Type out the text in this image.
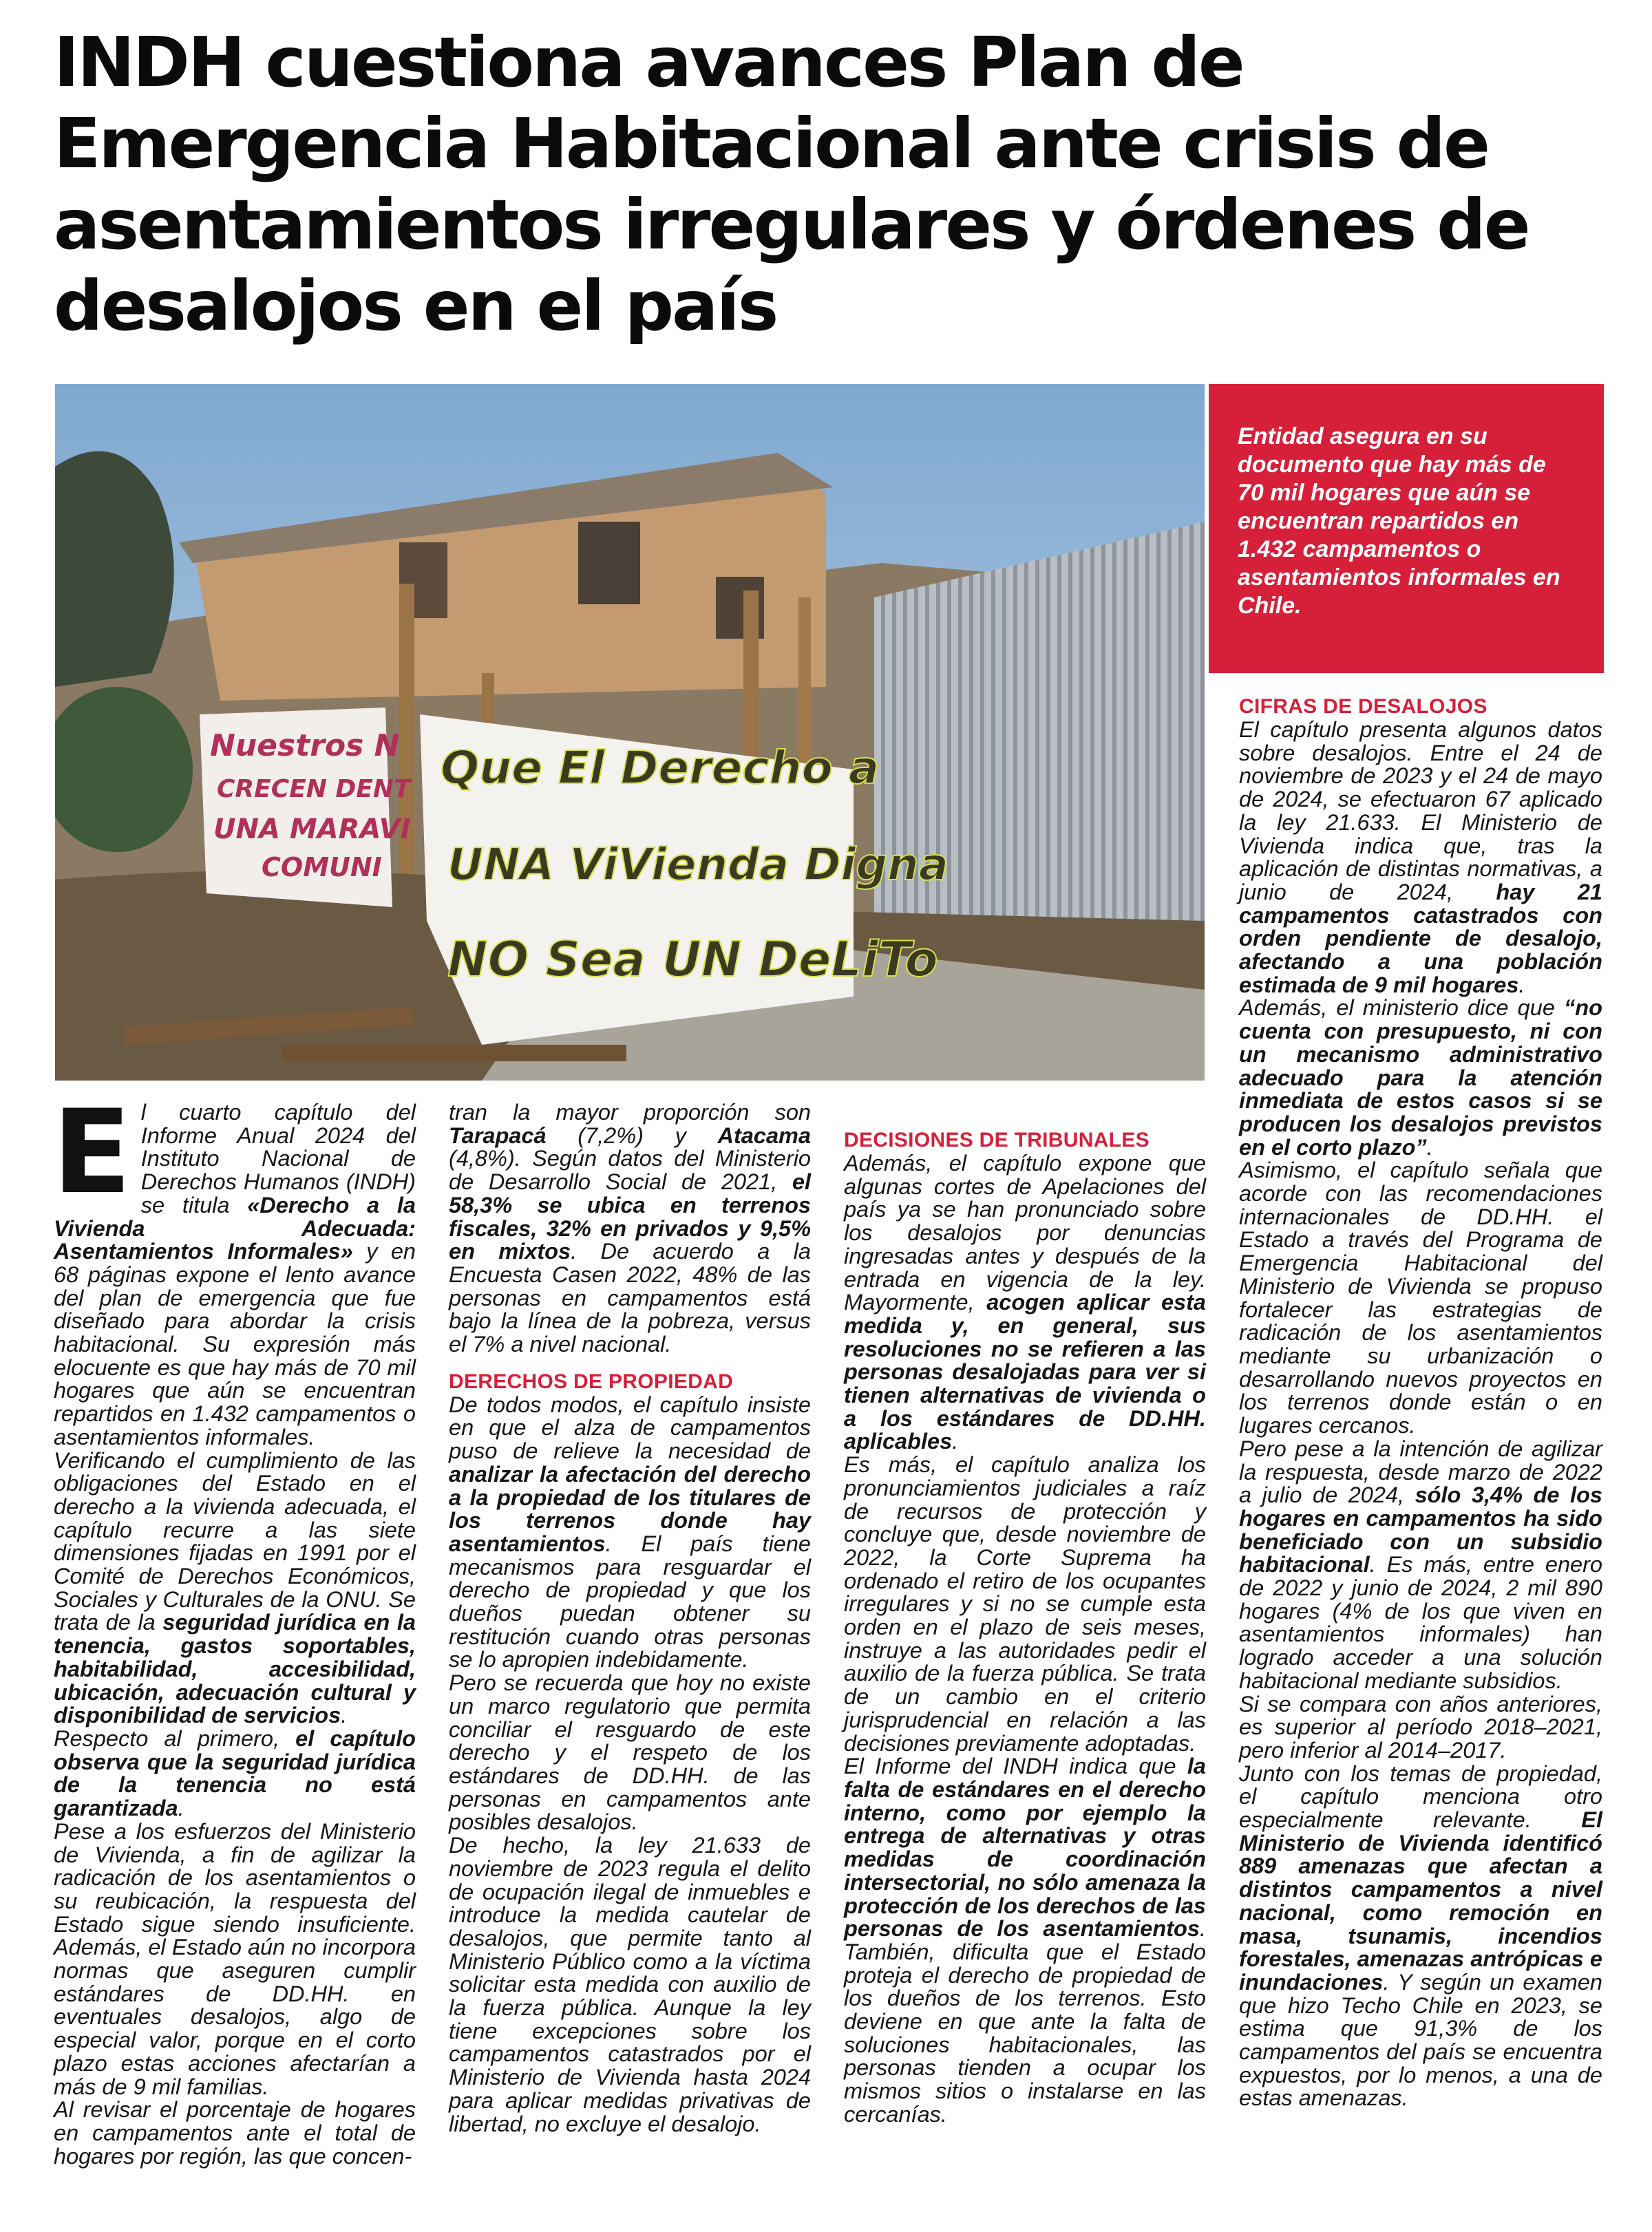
INDH cuestiona avances Plan de Emergencia Habitacional ante crisis de asentamientos irregulares y órdenes de desalojos en el país
Nuestros N
CRECEN DENT
UNA MARAVI
COMUNI
Que El Derecho a
UNA ViVienda Digna
NO Sea UN DeLiTo
Entidad asegura en su documento que hay más de 70 mil hogares que aún se encuentran repartidos en 1.432 campamentos o asentamientos informales en Chile.
E l cuarto capítulo del Informe Anual 2024 del Instituto Nacional de Derechos Humanos (INDH) se titula «Derecho a la Vivienda Adecuada: Asentamientos Informales» y en 68 páginas expone el lento avance del plan de emergencia que fue diseñado para abordar la crisis habitacional. Su expresión más elocuente es que hay más de 70 mil hogares que aún se encuentran repartidos en 1.432 campamentos o asentamientos informales.

Verificando el cumplimiento de las obligaciones del Estado en el derecho a la vivienda adecuada, el capítulo recurre a las siete dimensiones fijadas en 1991 por el Comité de Derechos Económicos, Sociales y Culturales de la ONU. Se trata de la seguridad jurídica en la tenencia, gastos soportables, habitabilidad, accesibilidad, ubicación, adecuación cultural y disponibilidad de servicios.

Respecto al primero, el capítulo observa que la seguridad jurídica de la tenencia no está garantizada.

Pese a los esfuerzos del Ministerio de Vivienda, a fin de agilizar la radicación de los asentamientos o su reubicación, la respuesta del Estado sigue siendo insuficiente. Además, el Estado aún no incorpora normas que aseguren cumplir estándares de DD.HH. en eventuales desalojos, algo de especial valor, porque en el corto plazo estas acciones afectarían a más de 9 mil familias.

Al revisar el porcentaje de hogares en campamentos ante el total de hogares por región, las que concen-

tran la mayor proporción son Tarapacá (7,2%) y Atacama (4,8%). Según datos del Ministerio de Desarrollo Social de 2021, el 58,3% se ubica en terrenos fiscales, 32% en privados y 9,5% en mixtos. De acuerdo a la Encuesta Casen 2022, 48% de las personas en campamentos está bajo la línea de la pobreza, versus el 7% a nivel nacional.

DERECHOS DE PROPIEDAD

De todos modos, el capítulo insiste en que el alza de campamentos puso de relieve la necesidad de analizar la afectación del derecho a la propiedad de los titulares de los terrenos donde hay asentamientos. El país tiene mecanismos para resguardar el derecho de propiedad y que los dueños puedan obtener su restitución cuando otras personas se lo apropien indebidamente.

Pero se recuerda que hoy no existe un marco regulatorio que permita conciliar el resguardo de este derecho y el respeto de los estándares de DD.HH. de las personas en campamentos ante posibles desalojos.

De hecho, la ley 21.633 de noviembre de 2023 regula el delito de ocupación ilegal de inmuebles e introduce la medida cautelar de desalojos, que permite tanto al Ministerio Público como a la víctima solicitar esta medida con auxilio de la fuerza pública. Aunque la ley tiene excepciones sobre los campamentos catastrados por el Ministerio de Vivienda hasta 2024 para aplicar medidas privativas de libertad, no excluye el desalojo.

DECISIONES DE TRIBUNALES

Además, el capítulo expone que algunas cortes de Apelaciones del país ya se han pronunciado sobre los desalojos por denuncias ingresadas antes y después de la entrada en vigencia de la ley. Mayormente, acogen aplicar esta medida y, en general, sus resoluciones no se refieren a las personas desalojadas para ver si tienen alternativas de vivienda o a los estándares de DD.HH. aplicables.

Es más, el capítulo analiza los pronunciamientos judiciales a raíz de recursos de protección y concluye que, desde noviembre de 2022, la Corte Suprema ha ordenado el retiro de los ocupantes irregulares y si no se cumple esta orden en el plazo de seis meses, instruye a las autoridades pedir el auxilio de la fuerza pública. Se trata de un cambio en el criterio jurisprudencial en relación a las decisiones previamente adoptadas.

El Informe del INDH indica que la falta de estándares en el derecho interno, como por ejemplo la entrega de alternativas y otras medidas de coordinación intersectorial, no sólo amenaza la protección de los derechos de las personas de los asentamientos. También, dificulta que el Estado proteja el derecho de propiedad de los dueños de los terrenos. Esto deviene en que ante la falta de soluciones habitacionales, las personas tienden a ocupar los mismos sitios o instalarse en las cercanías.

CIFRAS DE DESALOJOS

El capítulo presenta algunos datos sobre desalojos. Entre el 24 de noviembre de 2023 y el 24 de mayo de 2024, se efectuaron 67 aplicado la ley 21.633. El Ministerio de Vivienda indica que, tras la aplicación de distintas normativas, a junio de 2024, hay 21 campamentos catastrados con orden pendiente de desalojo, afectando a una población estimada de 9 mil hogares.

Además, el ministerio dice que “no cuenta con presupuesto, ni con un mecanismo administrativo adecuado para la atención inmediata de estos casos si se producen los desalojos previstos en el corto plazo”.

Asimismo, el capítulo señala que acorde con las recomendaciones internacionales de DD.HH. el Estado a través del Programa de Emergencia Habitacional del Ministerio de Vivienda se propuso fortalecer las estrategias de radicación de los asentamientos mediante su urbanización o desarrollando nuevos proyectos en los terrenos donde están o en lugares cercanos.

Pero pese a la intención de agilizar la respuesta, desde marzo de 2022 a julio de 2024, sólo 3,4% de los hogares en campamentos ha sido beneficiado con un subsidio habitacional. Es más, entre enero de 2022 y junio de 2024, 2 mil 890 hogares (4% de los que viven en asentamientos informales) han logrado acceder a una solución habitacional mediante subsidios.

Si se compara con años anteriores, es superior al período 2018–2021, pero inferior al 2014–2017.

Junto con los temas de propiedad, el capítulo menciona otro especialmente relevante. El Ministerio de Vivienda identificó 889 amenazas que afectan a distintos campamentos a nivel nacional, como remoción en masa, tsunamis, incendios forestales, amenazas antrópicas e inundaciones. Y según un examen que hizo Techo Chile en 2023, se estima que 91,3% de los campamentos del país se encuentra expuestos, por lo menos, a una de estas amenazas.
